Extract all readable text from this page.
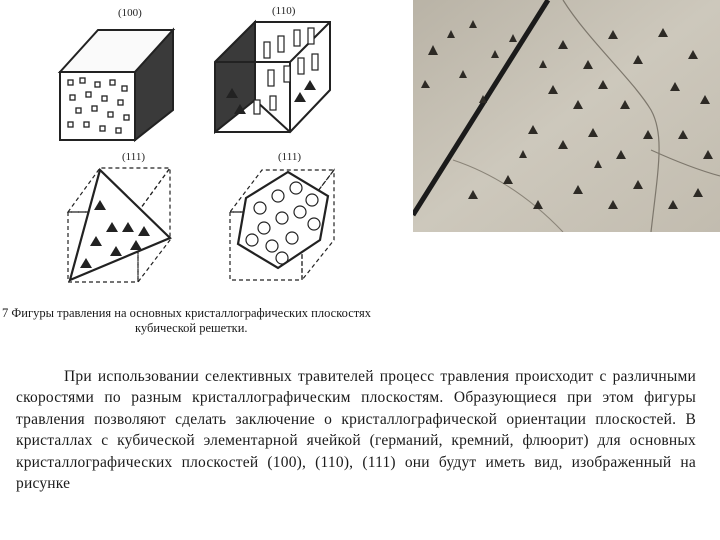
(100)	(110)
(111)	(111)
7 Фигуры травления на основных кристаллографических плоскостях
кубической решетки.
При использовании селективных травителей процесс травления происходит с различными скоростями по разным кристаллографическим плоскостям. Образующиеся при этом фигуры травления позволяют сделать заключение о кристаллографической ориентации плоскостей. В кристаллах с кубической элементарной ячейкой (германий, кремний, флюорит) для основных кристаллографических плоскостей (100), (110), (111) они будут иметь вид, изображенный на рисунке
